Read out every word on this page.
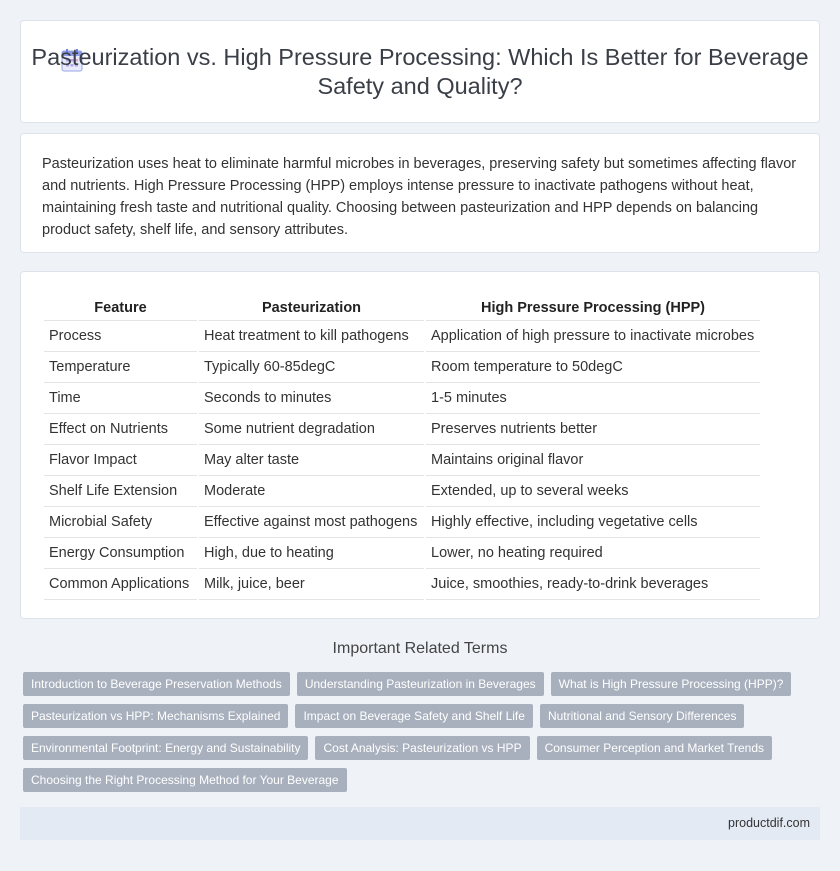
Pasteurization vs. High Pressure Processing: Which Is Better for Beverage Safety and Quality?

Pasteurization uses heat to eliminate harmful microbes in beverages, preserving safety but sometimes affecting flavor and nutrients. High Pressure Processing (HPP) employs intense pressure to inactivate pathogens without heat, maintaining fresh taste and nutritional quality. Choosing between pasteurization and HPP depends on balancing product safety, shelf life, and sensory attributes.

Feature	Pasteurization	High Pressure Processing (HPP)
Process	Heat treatment to kill pathogens	Application of high pressure to inactivate microbes
Temperature	Typically 60-85degC	Room temperature to 50degC
Time	Seconds to minutes	1-5 minutes
Effect on Nutrients	Some nutrient degradation	Preserves nutrients better
Flavor Impact	May alter taste	Maintains original flavor
Shelf Life Extension	Moderate	Extended, up to several weeks
Microbial Safety	Effective against most pathogens	Highly effective, including vegetative cells
Energy Consumption	High, due to heating	Lower, no heating required
Common Applications	Milk, juice, beer	Juice, smoothies, ready-to-drink beverages
Important Related Terms
Introduction to Beverage Preservation Methods	Understanding Pasteurization in Beverages	What is High Pressure Processing (HPP)?
Pasteurization vs HPP: Mechanisms Explained	Impact on Beverage Safety and Shelf Life	Nutritional and Sensory Differences
Environmental Footprint: Energy and Sustainability	Cost Analysis: Pasteurization vs HPP	Consumer Perception and Market Trends
Choosing the Right Processing Method for Your Beverage
productdif.com
